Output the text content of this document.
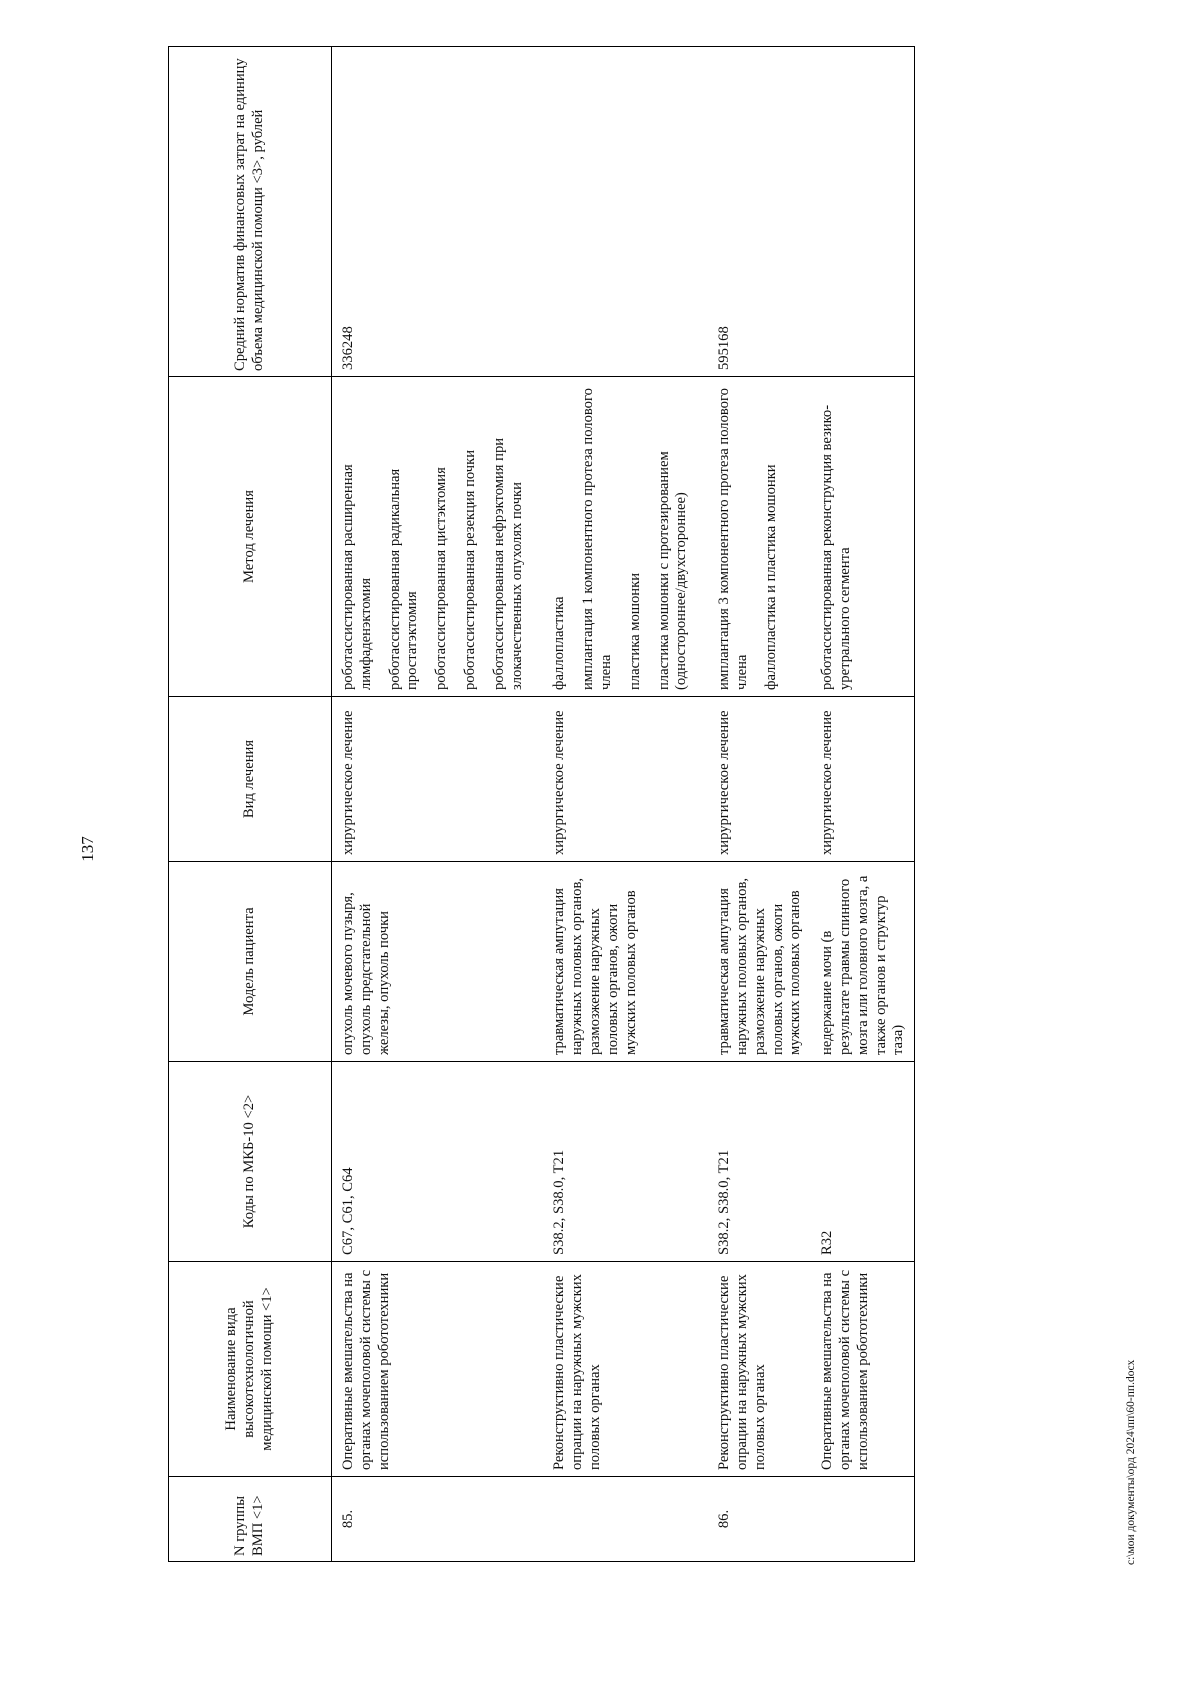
137
N группы ВМП <1>	Наименование вида высокотехнологичной медицинской помощи <1>	Коды по МКБ-10 <2>	Модель пациента	Вид лечения	Метод лечения	Средний норматив финансовых затрат на единицу объема медицинской помощи <3>, рублей
85.	Оперативные вмешательства на органах мочеполовой системы с использованием робототехники	C67, C61, C64	опухоль мочевого пузыря, опухоль предстательной железы, опухоль почки	хирургическое лечение	роботассистированная расширенная лимфаденэктомия роботассистированная радикальная простатэктомия роботассистированная цистэктомия роботассистированная резекция почки роботассистированная нефрэктомия при злокачественных опухолях почки	336248
	Реконструктивно пластические опрации на наружных мужских половых органах	S38.2, S38.0, T21	травматическая ампутация наружных половых органов, размозжение наружных половых органов, ожоги мужских половых органов	хирургическое лечение	фаллопластика имплантация 1 компонентного протеза полового члена пластика мошонки пластика мошонки с протезированием (одностороннее/двухстороннее)	

86.	Реконструктивно пластические опрации на наружных мужских половых органах	S38.2, S38.0, T21	травматическая ампутация наружных половых органов, размозжение наружных половых органов, ожоги мужских половых органов	хирургическое лечение	имплантация 3 компонентного протеза полового члена фаллопластика и пластика мошонки	595168
	Оперативные вмешательства на органах мочеполовой системы с использованием робототехники	R32	недержание мочи (в результате травмы спинного мозга или головного мозга, а также органов и структур таза)	хирургическое лечение	роботассистированная реконструкция везико-уретрального сегмента	

c:\мои документы\орд 2024\пп\60-пп.docx
